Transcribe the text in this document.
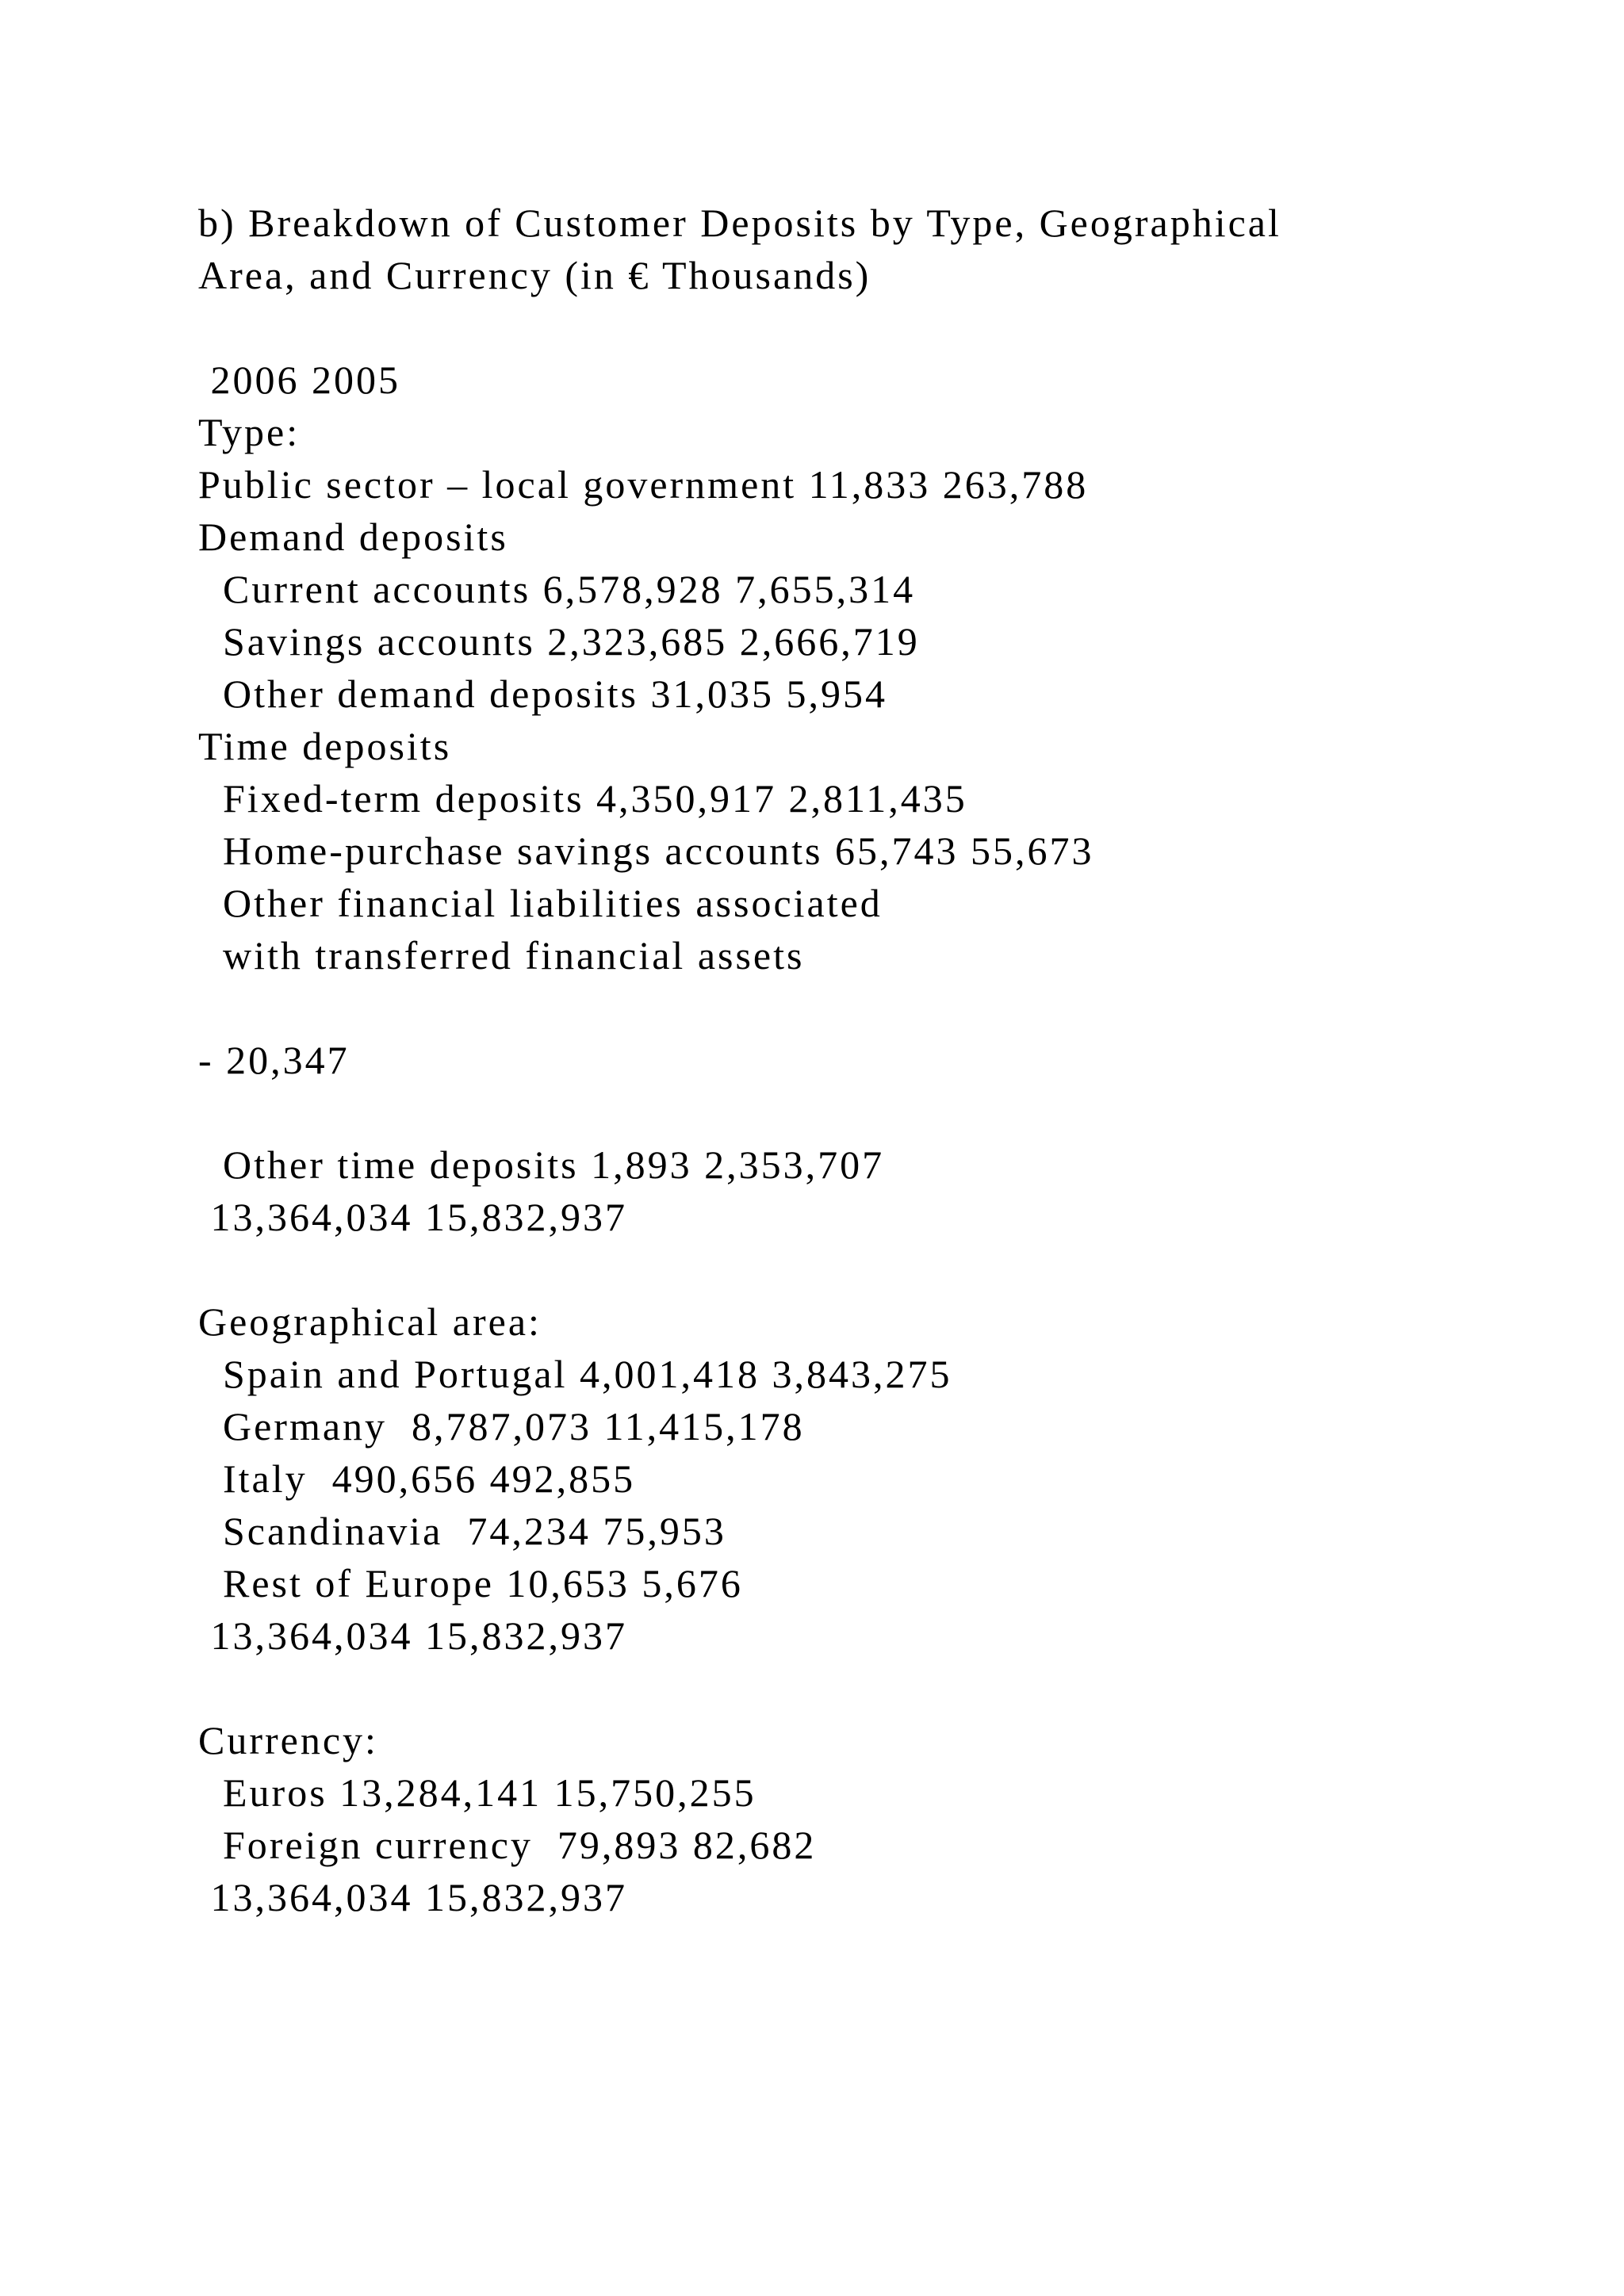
b) Breakdown of Customer Deposits by Type, Geographical
Area, and Currency (in € Thousands)
2006 2005
Type:
Public sector – local government 11,833 263,788
Demand deposits
Current accounts 6,578,928 7,655,314
Savings accounts 2,323,685 2,666,719
Other demand deposits 31,035 5,954
Time deposits
Fixed-term deposits 4,350,917 2,811,435
Home-purchase savings accounts 65,743 55,673
Other financial liabilities associated
with transferred financial assets
- 20,347
Other time deposits 1,893 2,353,707
13,364,034 15,832,937
Geographical area:
Spain and Portugal 4,001,418 3,843,275
Germany  8,787,073 11,415,178
Italy  490,656 492,855
Scandinavia  74,234 75,953
Rest of Europe 10,653 5,676
13,364,034 15,832,937
Currency:
Euros 13,284,141 15,750,255
Foreign currency  79,893 82,682
13,364,034 15,832,937
